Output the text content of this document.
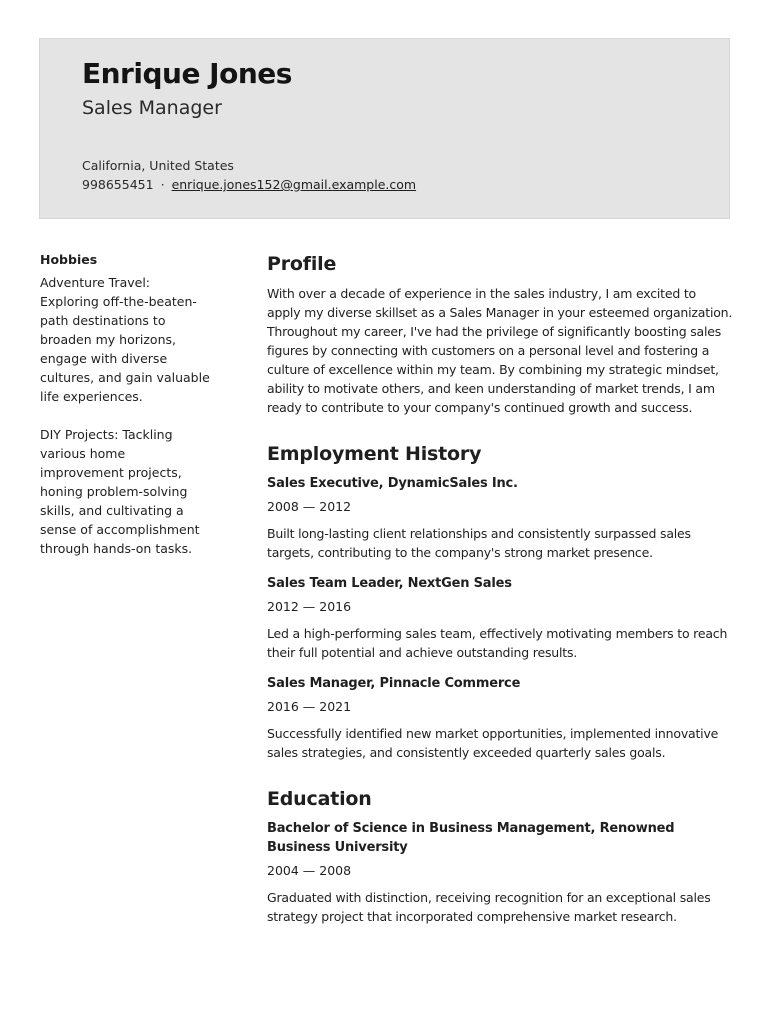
Enrique Jones
Sales Manager
California, United States
998655451 · enrique.jones152@gmail.example.com
Hobbies

Adventure Travel: Exploring off-the-beaten-path destinations to broaden my horizons, engage with diverse cultures, and gain valuable life experiences.

DIY Projects: Tackling various home improvement projects, honing problem-solving skills, and cultivating a sense of accomplishment through hands-on tasks.

Profile

With over a decade of experience in the sales industry, I am excited to apply my diverse skillset as a Sales Manager in your esteemed organization. Throughout my career, I've had the privilege of significantly boosting sales figures by connecting with customers on a personal level and fostering a culture of excellence within my team. By combining my strategic mindset, ability to motivate others, and keen understanding of market trends, I am ready to contribute to your company's continued growth and success.

Employment History
Sales Executive, DynamicSales Inc.
2008 — 2012

Built long-lasting client relationships and consistently surpassed sales targets, contributing to the company's strong market presence.

Sales Team Leader, NextGen Sales
2012 — 2016

Led a high-performing sales team, effectively motivating members to reach their full potential and achieve outstanding results.

Sales Manager, Pinnacle Commerce
2016 — 2021

Successfully identified new market opportunities, implemented innovative sales strategies, and consistently exceeded quarterly sales goals.

Education
Bachelor of Science in Business Management, Renowned Business University
2004 — 2008

Graduated with distinction, receiving recognition for an exceptional sales strategy project that incorporated comprehensive market research.
